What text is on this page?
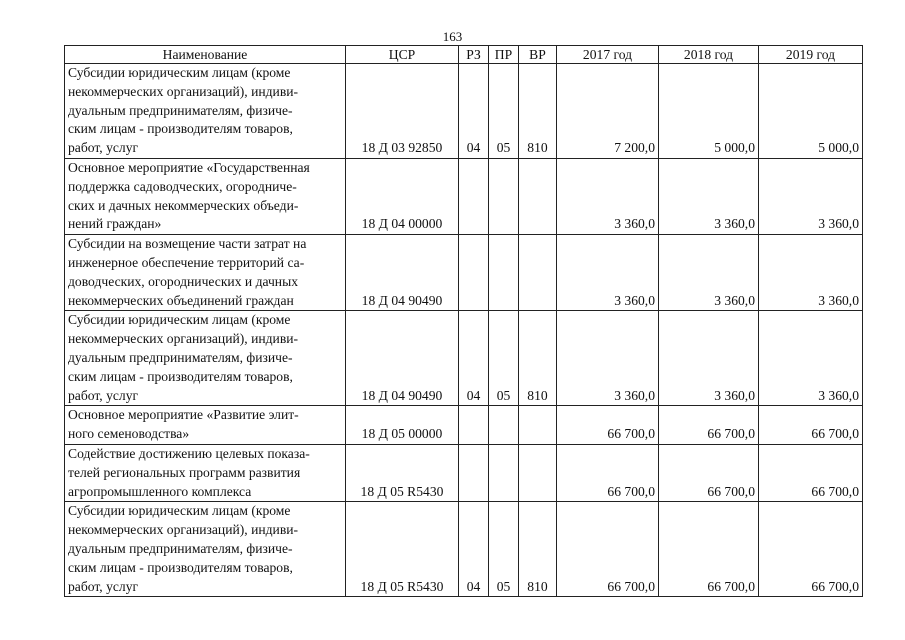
163
Наименование	ЦСР	РЗ	ПР	ВР	2017 год	2018 год	2019 год

Субсидии юридическим лицам (кроме
некоммерческих организаций), индиви-
дуальным предпринимателям, физиче-
ским лицам - производителям товаров,
работ, услуг	18 Д 03 92850	04	05	810	7 200,0	5 000,0	5 000,0

Основное мероприятие «Государственная
поддержка садоводческих, огородниче-
ских и дачных некоммерческих объеди-
нений граждан»	18 Д 04 00000				3 360,0	3 360,0	3 360,0

Субсидии на возмещение части затрат на
инженерное обеспечение территорий са-
доводческих, огороднических и дачных
некоммерческих объединений граждан	18 Д 04 90490				3 360,0	3 360,0	3 360,0

Субсидии юридическим лицам (кроме
некоммерческих организаций), индиви-
дуальным предпринимателям, физиче-
ским лицам - производителям товаров,
работ, услуг	18 Д 04 90490	04	05	810	3 360,0	3 360,0	3 360,0

Основное мероприятие «Развитие элит-
ного семеноводства»	18 Д 05 00000				66 700,0	66 700,0	66 700,0

Содействие достижению целевых показа-
телей региональных программ развития
агропромышленного комплекса	18 Д 05 R5430				66 700,0	66 700,0	66 700,0

Субсидии юридическим лицам (кроме
некоммерческих организаций), индиви-
дуальным предпринимателям, физиче-
ским лицам - производителям товаров,
работ, услуг	18 Д 05 R5430	04	05	810	66 700,0	66 700,0	66 700,0
